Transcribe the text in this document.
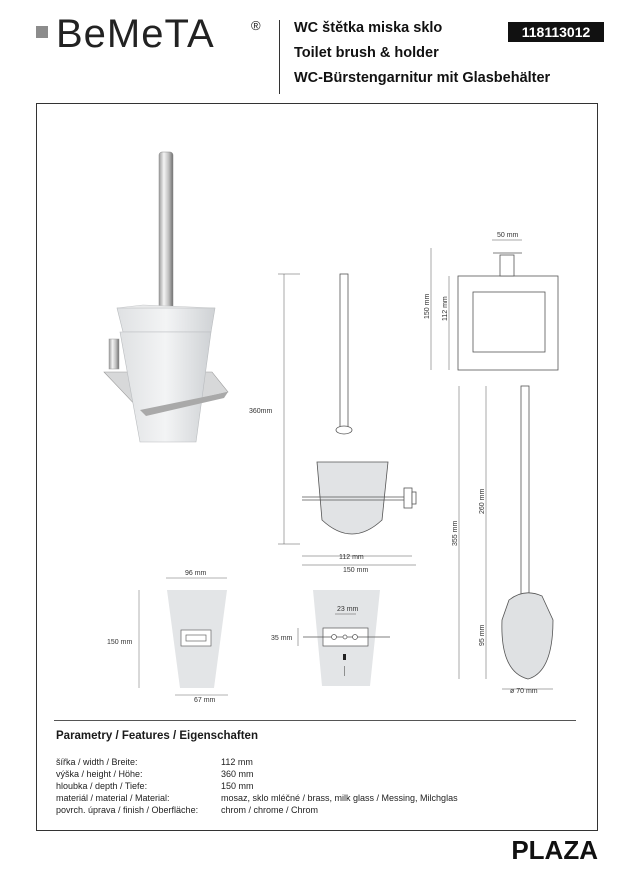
BeMeTA	® WC štětka miska sklo
Toilet brush & holder
WC-Bürstengarnitur mit Glasbehälter
118113012
360mm
112 mm
150 mm
50 mm
150 mm 112 mm
355 mm
260 mm
95 mm
ø 70 mm
96 mm
150 mm
67 mm
23 mm
35 mm
Parametry / Features / Eigenschaften
šířka / width / Breite:	112 mm
výška / height / Höhe:	360 mm
hloubka / depth / Tiefe:	150 mm
materiál / material / Material:	mosaz, sklo mléčné / brass, milk glass / Messing, Milchglas
povrch. úprava / finish / Oberfläche:	chrom / chrome / Chrom
PLAZA
